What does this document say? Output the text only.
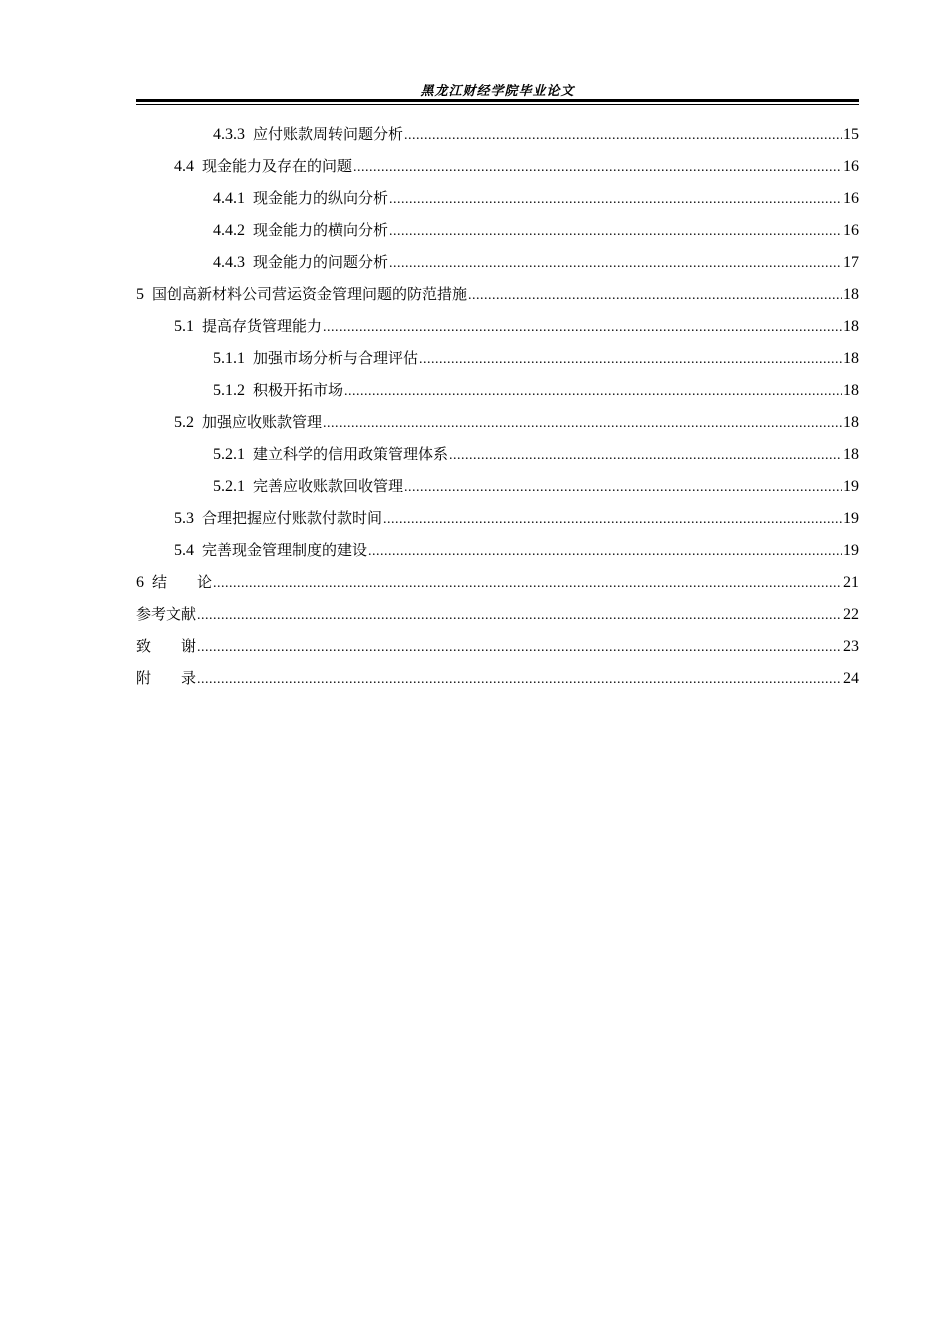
黑龙江财经学院毕业论文
4.3.3 应付账款周转问题分析 .....	15
4.4 现金能力及存在的问题 .....	16
4.4.1 现金能力的纵向分析 .....	16
4.4.2 现金能力的横向分析 .....	16
4.4.3 现金能力的问题分析 .....	17
5 国创高新材料公司营运资金管理问题的防范措施 .....	18
5.1 提高存货管理能力 .....	18
5.1.1 加强市场分析与合理评估 .....	18
5.1.2 积极开拓市场 .....	18
5.2 加强应收账款管理 .....	18
5.2.1 建立科学的信用政策管理体系 .....	18
5.2.1 完善应收账款回收管理 .....	19
5.3 合理把握应付账款付款时间 .....	19
5.4 完善现金管理制度的建设 .....	19
6 结　　论 .....	21
参考文献 .....	22
致　　谢 .....	23
附　　录 .....	24
